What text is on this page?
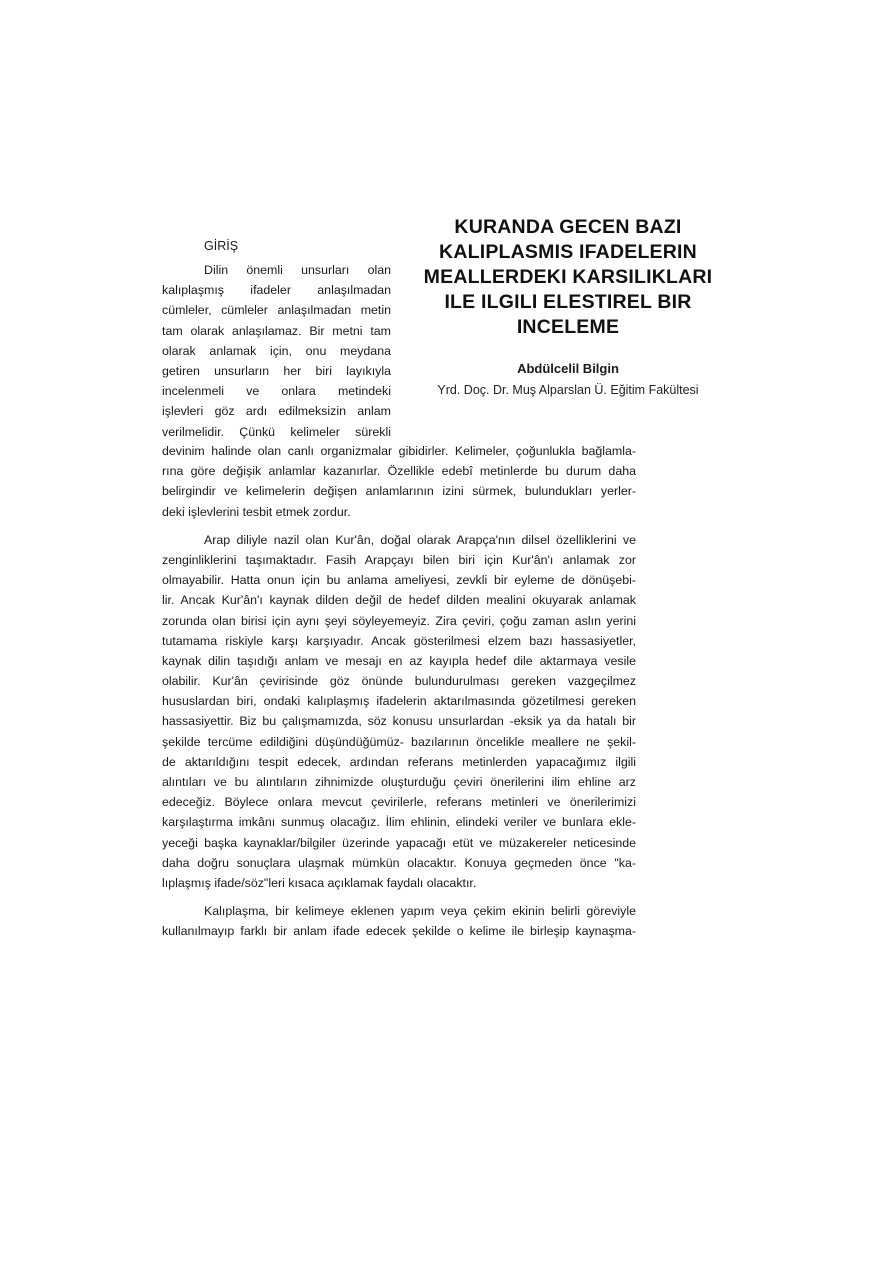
KURANDA GECEN BAZI
KALIPLASMIS IFADELERIN
MEALLERDEKI KARSILIKLARI
ILE ILGILI ELESTIREL BIR
INCELEME
Abdülcelil Bilgin
Yrd. Doç. Dr. Muş Alparslan Ü. Eğitim Fakültesi
GİRİŞ
Dilin önemli unsurları olan
kalıplaşmış ifadeler anlaşılmadan
cümleler, cümleler anlaşılmadan metin
tam olarak anlaşılamaz. Bir metni tam
olarak anlamak için, onu meydana
getiren unsurların her biri layıkıyla
incelenmeli ve onlara metindeki
işlevleri göz ardı edilmeksizin anlam
verilmelidir. Çünkü kelimeler sürekli
devinim halinde olan canlı organizmalar gibidirler. Kelimeler, çoğunlukla bağlamla-
rına göre değişik anlamlar kazanırlar. Özellikle edebî metinlerde bu durum daha
belirgindir ve kelimelerin değişen anlamlarının izini sürmek, bulundukları yerler-
deki işlevlerini tesbit etmek zordur.
Arap diliyle nazil olan Kur'ân, doğal olarak Arapça'nın dilsel özelliklerini ve
zenginliklerini taşımaktadır. Fasih Arapçayı bilen biri için Kur'ân'ı anlamak zor
olmayabilir. Hatta onun için bu anlama ameliyesi, zevkli bir eyleme de dönüşebi-
lir. Ancak Kur'ân'ı kaynak dilden değil de hedef dilden mealini okuyarak anlamak
zorunda olan birisi için aynı şeyi söyleyemeyiz. Zira çeviri, çoğu zaman aslın yerini
tutamama riskiyle karşı karşıyadır. Ancak gösterilmesi elzem bazı hassasiyetler,
kaynak dilin taşıdığı anlam ve mesajı en az kayıpla hedef dile aktarmaya vesile
olabilir. Kur'ân çevirisinde göz önünde bulundurulması gereken vazgeçilmez
hususlardan biri, ondaki kalıplaşmış ifadelerin aktarılmasında gözetilmesi gereken
hassasiyettir. Biz bu çalışmamızda, söz konusu unsurlardan -eksik ya da hatalı bir
şekilde tercüme edildiğini düşündüğümüz- bazılarının öncelikle meallere ne şekil-
de aktarıldığını tespit edecek, ardından referans metinlerden yapacağımız ilgili
alıntıları ve bu alıntıların zihnimizde oluşturduğu çeviri önerilerini ilim ehline arz
edeceğiz. Böylece onlara mevcut çevirilerle, referans metinleri ve önerilerimizi
karşılaştırma imkânı sunmuş olacağız. İlim ehlinin, elindeki veriler ve bunlara ekle-
yeceği başka kaynaklar/bilgiler üzerinde yapacağı etüt ve müzakereler neticesinde
daha doğru sonuçlara ulaşmak mümkün olacaktır. Konuya geçmeden önce "ka-
lıplaşmış ifade/söz"leri kısaca açıklamak faydalı olacaktır.
Kalıplaşma, bir kelimeye eklenen yapım veya çekim ekinin belirli göreviyle
kullanılmayıp farklı bir anlam ifade edecek şekilde o kelime ile birleşip kaynaşma-
